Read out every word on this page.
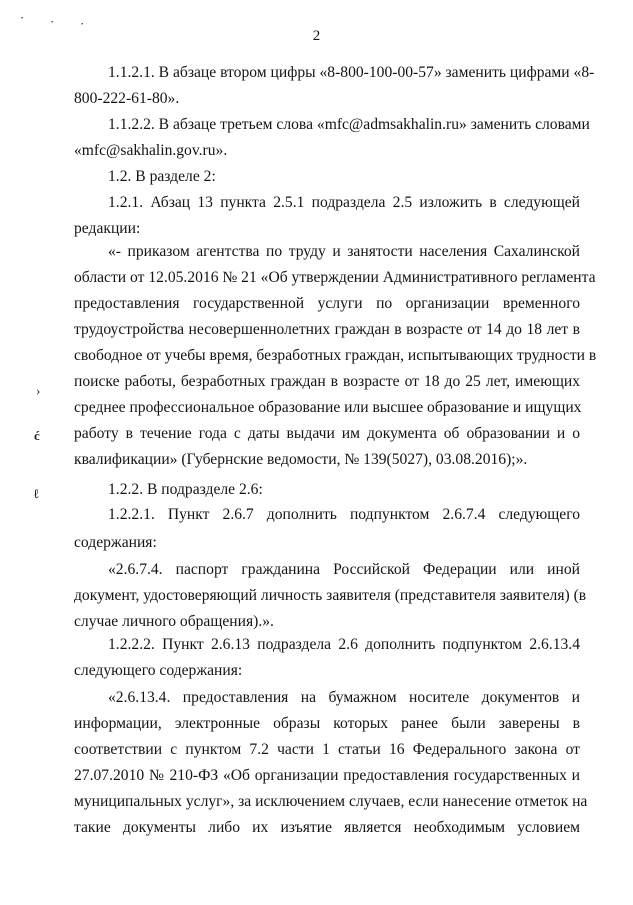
2
1.1.2.1. В абзаце втором цифры «8-800-100-00-57» заменить цифрами «8-
800-222-61-80».
1.1.2.2. В абзаце третьем слова «mfc@admsakhalin.ru» заменить словами
«mfc@sakhalin.gov.ru».
1.2. В разделе 2:
1.2.1. Абзац 13 пункта 2.5.1 подраздела 2.5 изложить в следующей
редакции:
«- приказом агентства по труду и занятости населения Сахалинской
области от 12.05.2016 № 21 «Об утверждении Административного регламента
предоставления государственной услуги по организации временного
трудоустройства несовершеннолетних граждан в возрасте от 14 до 18 лет в
свободное от учебы время, безработных граждан, испытывающих трудности в
поиске работы, безработных граждан в возрасте от 18 до 25 лет, имеющих
среднее профессиональное образование или высшее образование и ищущих
работу в течение года с даты выдачи им документа об образовании и о
квалификации» (Губернские ведомости, № 139(5027), 03.08.2016);».
1.2.2. В подразделе 2.6:
1.2.2.1. Пункт 2.6.7 дополнить подпунктом 2.6.7.4 следующего
содержания:
«2.6.7.4. паспорт гражданина Российской Федерации или иной
документ, удостоверяющий личность заявителя (представителя заявителя) (в
случае личного обращения).».
1.2.2.2. Пункт 2.6.13 подраздела 2.6 дополнить подпунктом 2.6.13.4
следующего содержания:
«2.6.13.4. предоставления на бумажном носителе документов и
информации, электронные образы которых ранее были заверены в
соответствии с пунктом 7.2 части 1 статьи 16 Федерального закона от
27.07.2010 № 210-ФЗ «Об организации предоставления государственных и
муниципальных услуг», за исключением случаев, если нанесение отметок на
такие документы либо их изъятие является необходимым условием
· · ·
›
ć
ℓ
